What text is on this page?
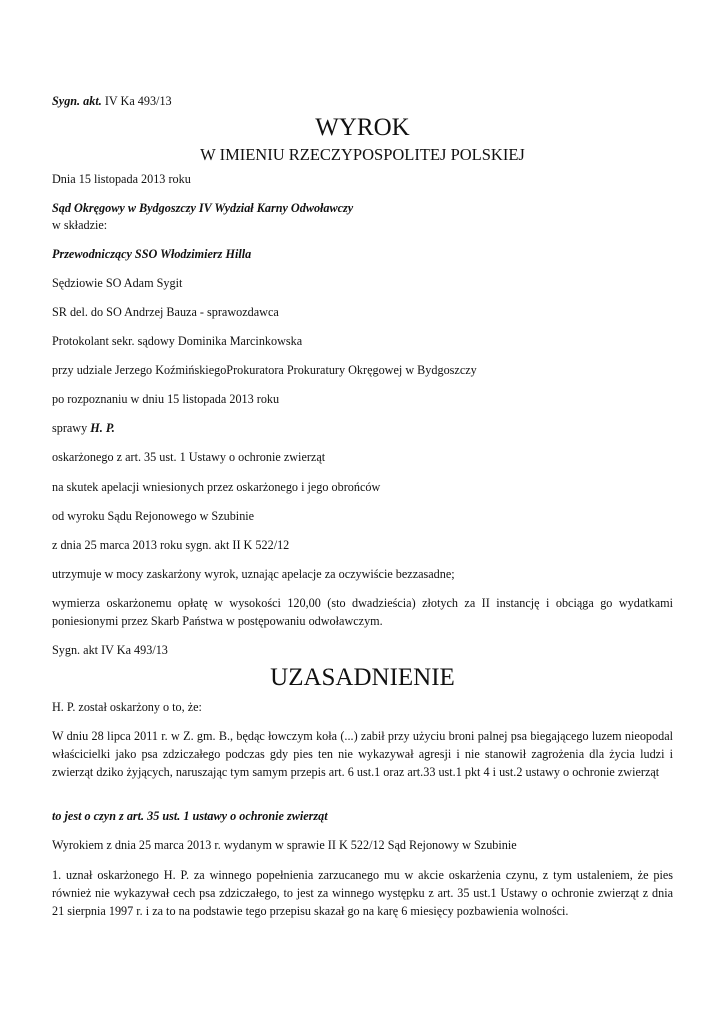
Sygn. akt. IV Ka 493/13

WYROK
W IMIENIU RZECZYPOSPOLITEJ POLSKIEJ

Dnia 15 listopada 2013 roku

Sąd Okręgowy w Bydgoszczy IV Wydział Karny Odwoławczy

w składzie:

Przewodniczący SSO Włodzimierz Hilla

Sędziowie SO Adam Sygit

SR del. do SO Andrzej Bauza - sprawozdawca

Protokolant sekr. sądowy Dominika Marcinkowska

przy udziale Jerzego KoźmińskiegoProkuratora Prokuratury Okręgowej w Bydgoszczy

po rozpoznaniu w dniu 15 listopada 2013 roku

sprawy H. P.

oskarżonego z art. 35 ust. 1 Ustawy o ochronie zwierząt

na skutek apelacji wniesionych przez oskarżonego i jego obrońców

od wyroku Sądu Rejonowego w Szubinie

z dnia 25 marca 2013 roku sygn. akt II K 522/12

utrzymuje w mocy zaskarżony wyrok, uznając apelacje za oczywiście bezzasadne;

wymierza oskarżonemu opłatę w wysokości 120,00 (sto dwadzieścia) złotych za II instancję i obciąga go wydatkami poniesionymi przez Skarb Państwa w postępowaniu odwoławczym.

Sygn. akt IV Ka 493/13

UZASADNIENIE

H. P. został oskarżony o to, że:

W dniu 28 lipca 2011 r. w Z. gm. B., będąc łowczym koła (...) zabił przy użyciu broni palnej psa biegającego luzem nieopodal właścicielki jako psa zdziczałego podczas gdy pies ten nie wykazywał agresji i nie stanowił zagrożenia dla życia ludzi i zwierząt dziko żyjących, naruszając tym samym przepis art. 6 ust.1 oraz art.33 ust.1 pkt 4 i ust.2 ustawy o ochronie zwierząt

to jest o czyn z art. 35 ust. 1 ustawy o ochronie zwierząt

Wyrokiem z dnia 25 marca 2013 r. wydanym w sprawie II K 522/12 Sąd Rejonowy w Szubinie

1. uznał oskarżonego H. P. za winnego popełnienia zarzucanego mu w akcie oskarżenia czynu, z tym ustaleniem, że pies również nie wykazywał cech psa zdziczałego, to jest za winnego występku z art. 35 ust.1 Ustawy o ochronie zwierząt z dnia 21 sierpnia 1997 r. i za to na podstawie tego przepisu skazał go na karę 6 miesięcy pozbawienia wolności.
